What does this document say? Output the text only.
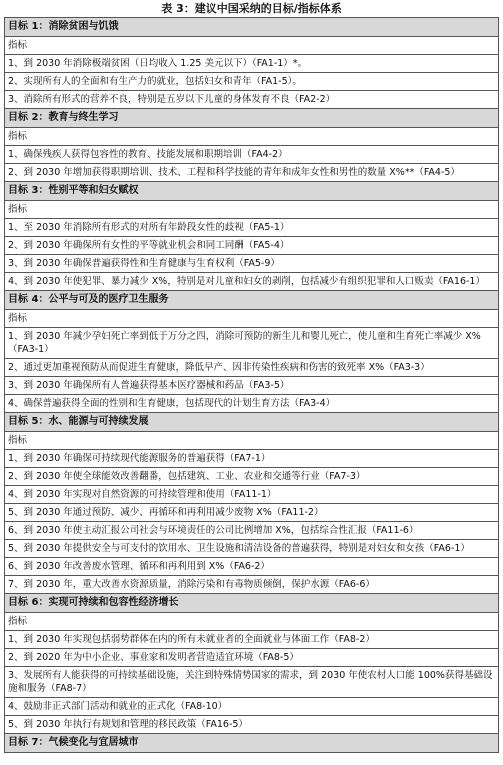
表 3：建议中国采纳的目标/指标体系

目标 1：消除贫困与饥饿
指标
1、到 2030 年消除极端贫困（日均收入 1.25 美元以下）（FA1-1）*。
2、实现所有人的全面和有生产力的就业，包括妇女和青年（FA1-5）。
3、消除所有形式的营养不良，特别是五岁以下儿童的身体发育不良（FA2-2）
目标 2：教育与终生学习
指标
1、确保残疾人获得包容性的教育、技能发展和职期培训（FA4-2）
2、到 2030 年增加获得职期培训、技术、工程和科学技能的青年和成年女性和男性的数量 X%**（FA4-5）
目标 3：性别平等和妇女赋权
指标
1、至 2030 年消除所有形式的对所有年龄段女性的歧视（FA5-1）
2、到 2030 年确保所有女性的平等就业机会和同工同酬（FA5-4）
3、到 2030 年确保普遍获得性和生育健康与生育权利（FA5-9）
4、到 2030 年使犯罪、暴力减少 X%，特别是对儿童和妇女的剥削，包括减少有组织犯罪和人口贩卖（FA16-1）
目标 4：公平与可及的医疗卫生服务
指标
1、到 2030 年减少孕妇死亡率到低于万分之四，消除可预防的新生儿和婴儿死亡，使儿童和生育死亡率减少 X%（FA3-1）
2、通过更加重视预防从而促进生育健康，降低早产、因非传染性疾病和伤害的致死率 X%（FA3-3）
3、到 2030 年确保所有人普遍获得基本医疗器械和药品（FA3-5）
4、确保普遍获得全面的性别和生育健康，包括现代的计划生育方法（FA3-4）
目标 5：水、能源与可持续发展
指标
1、到 2030 年确保可持续现代能源服务的普遍获得（FA7-1）
2、到 2030 年使全球能效改善翻番，包括建筑、工业、农业和交通等行业（FA7-3）
4、到 2030 年实现对自然资源的可持续管理和使用（FA11-1）
5、到 2030 年通过预防、减少、再循环和再利用减少废物 X%（FA11-2）
6、到 2030 年使主动汇报公司社会与环境责任的公司比例增加 X%，包括综合性汇报（FA11-6）
5、到 2030 年提供安全与可支付的饮用水、卫生设施和清洁设备的普遍获得，特别是对妇女和女孩（FA6-1）
6、到 2030 年改善废水管理、循环和再利用到 X%（FA6-2）
7、到 2030 年，重大改善水资源质量，消除污染和有毒物质倾倒，保护水源（FA6-6）
目标 6：实现可持续和包容性经济增长
指标
1、到 2030 年实现包括弱势群体在内的所有未就业者的全面就业与体面工作（FA8-2）
2、到 2020 年为中小企业、事业家和发明者营造适宜环境（FA8-5）
3、发展所有人能获得的可持续基础设施，关注到特殊情势国家的需求，到 2030 年使农村人口能 100%获得基础设施和服务（FA8-7）
4、鼓励非正式部门活动和就业的正式化（FA8-10）
5、到 2030 年执行有规划和管理的移民政策（FA16-5）
目标 7：气候变化与宜居城市
